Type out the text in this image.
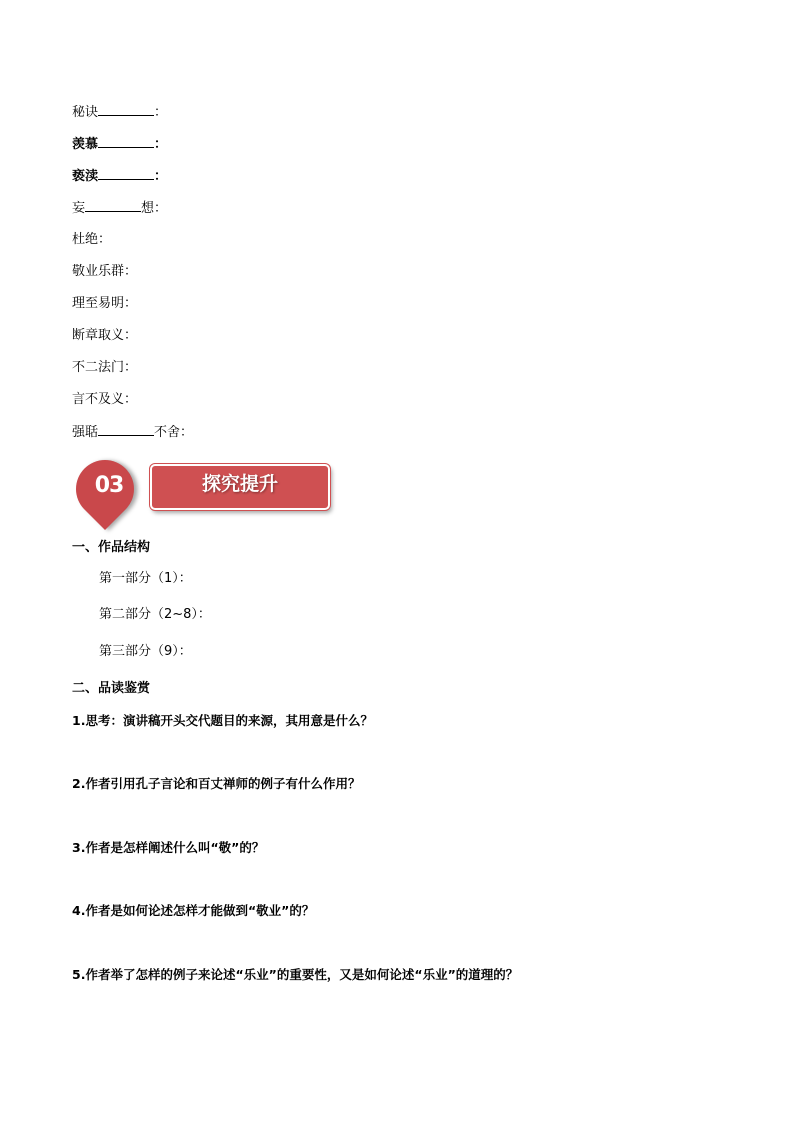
秘诀	：
羡慕	：
亵渎	：
妄	想：
杜绝：
敬业乐群：
理至易明：
断章取义：
不二法门：
言不及义：
强聒	不舍：
03	探究提升
一、作品结构
第一部分（1）：
第二部分（2~8）：
第三部分（9）：
二、品读鉴赏
1.思考：演讲稿开头交代题目的来源，其用意是什么？
2.作者引用孔子言论和百丈禅师的例子有什么作用？
3.作者是怎样阐述什么叫“敬”的？
4.作者是如何论述怎样才能做到“敬业”的？
5.作者举了怎样的例子来论述“乐业”的重要性，又是如何论述“乐业”的道理的？
